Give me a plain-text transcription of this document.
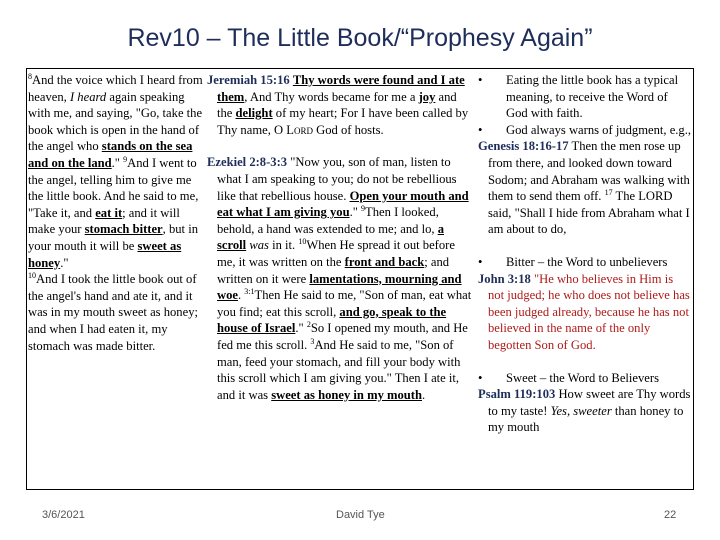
Rev10 – The Little Book/“Prophesy Again”
$^8$And the voice which I heard from heaven, I heard again speaking with me, and saying, "Go, take the book which is open in the hand of the angel who stands on the sea and on the land." $^9$And I went to the angel, telling him to give me the little book. And he said to me, "Take it, and eat it; and it will make your stomach bitter, but in your mouth it will be sweet as honey."
$^{10}$And I took the little book out of the angel's hand and ate it, and it was in my mouth sweet as honey; and when I had eaten it, my stomach was made bitter.
Jeremiah 15:16 Thy words were found and I ate them, And Thy words became for me a joy and the delight of my heart; For I have been called by Thy name, O Lord God of hosts.
Ezekiel 2:8-3:3 "Now you, son of man, listen to what I am speaking to you; do not be rebellious like that rebellious house. Open your mouth and eat what I am giving you." $^9$Then I looked, behold, a hand was extended to me; and lo, a scroll was in it. $^{10}$When He spread it out before me, it was written on the front and back; and written on it were lamentations, mourning and woe. $^{3:1}$Then He said to me, "Son of man, eat what you find; eat this scroll, and go, speak to the house of Israel." $^2$So I opened my mouth, and He fed me this scroll. $^3$And He said to me, "Son of man, feed your stomach, and fill your body with this scroll which I am giving you." Then I ate it, and it was sweet as honey in my mouth.
• Eating the little book has a typical meaning, to receive the Word of God with faith.
• God always warns of judgment, e.g.,
Genesis 18:16-17 Then the men rose up from there, and looked down toward Sodom; and Abraham was walking with them to send them off. $^{17}$ The LORD said, "Shall I hide from Abraham what I am about to do,
• Bitter – the Word to unbelievers
John 3:18 "He who believes in Him is not judged; he who does not believe has been judged already, because he has not believed in the name of the only begotten Son of God.
• Sweet – the Word to Believers
Psalm 119:103 How sweet are Thy words to my taste! Yes, sweeter than honey to my mouth
3/6/2021	David Tye	22
